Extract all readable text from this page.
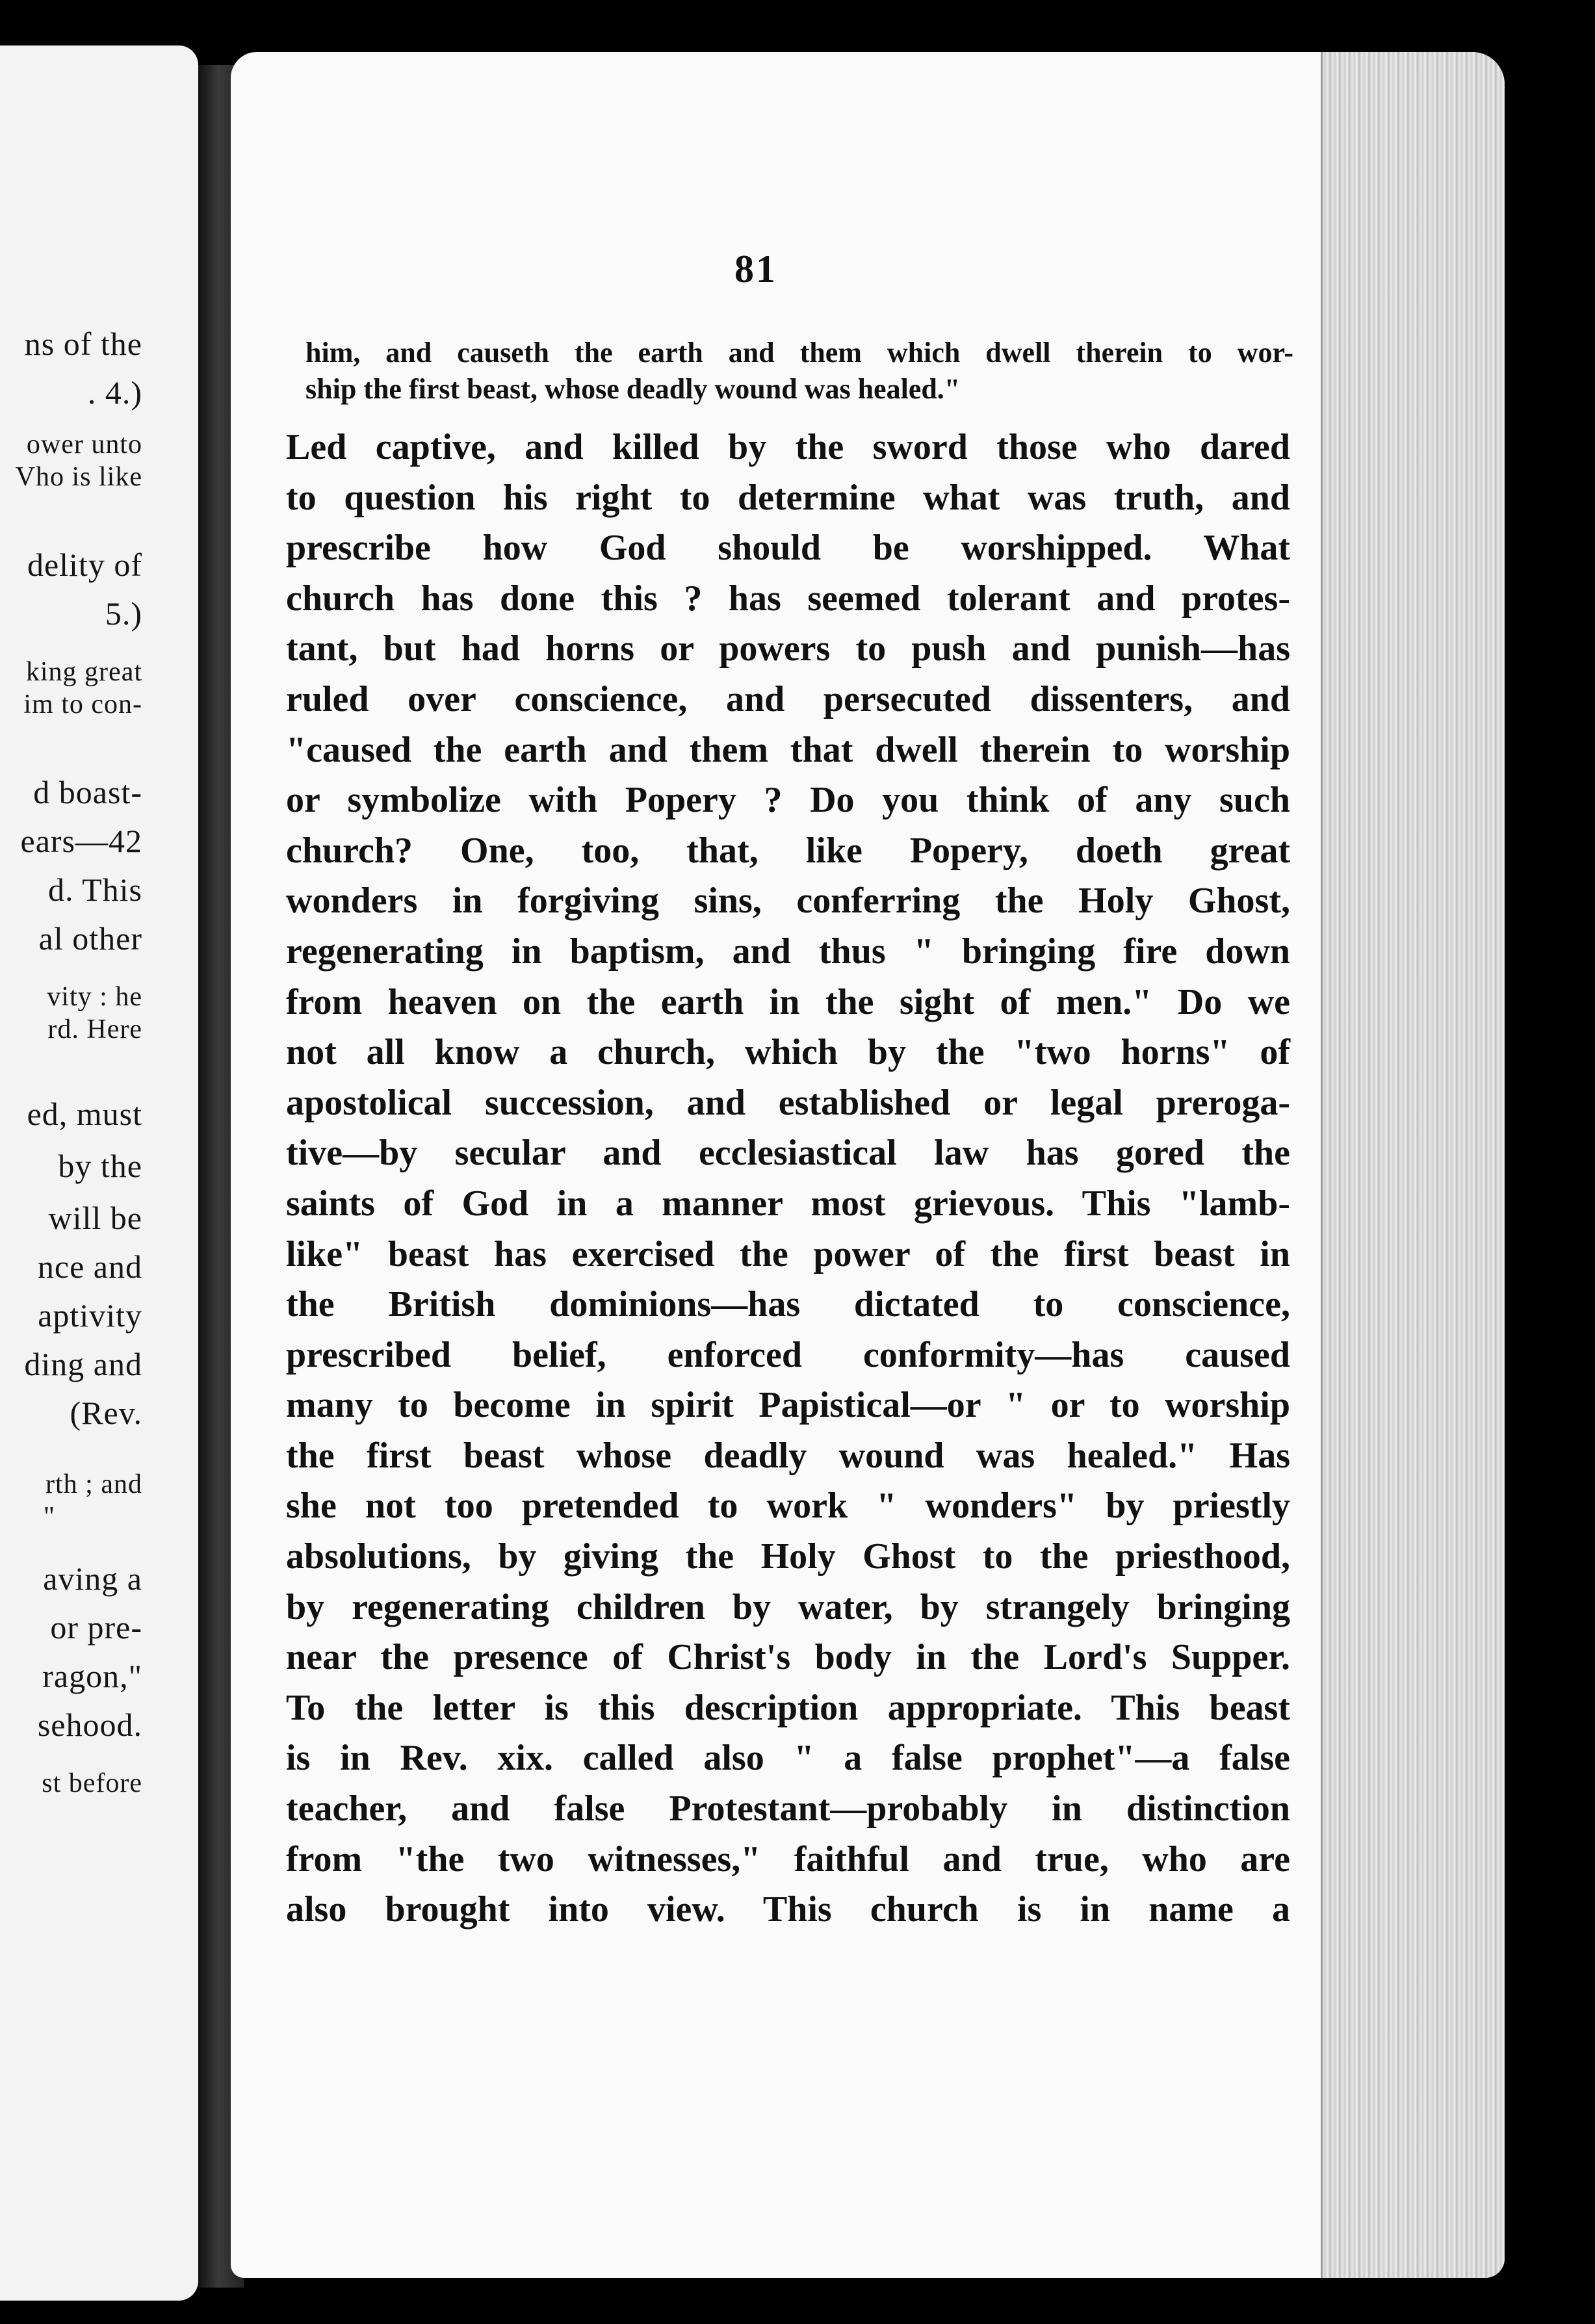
ns of the
. 4.)
ower unto
Vho is like
delity of
5.)
king great
im to con-
d boast-
ears—42
d. This
al other
vity : he
rd. Here
ed, must
by the
will be
nce and
aptivity
ding and
(Rev.
rth ; and
"
aving a
or pre-
ragon,"
sehood.
st before
81
him, and causeth the earth and them which dwell therein to wor-
ship the first beast, whose deadly wound was healed."
Led captive, and killed by the sword those who dared
to question his right to determine what was truth, and
prescribe how God should be worshipped. What
church has done this ? has seemed tolerant and protes-
tant, but had horns or powers to push and punish—has
ruled over conscience, and persecuted dissenters, and
"caused the earth and them that dwell therein to worship
or symbolize with Popery ? Do you think of any such
church? One, too, that, like Popery, doeth great
wonders in forgiving sins, conferring the Holy Ghost,
regenerating in baptism, and thus " bringing fire down
from heaven on the earth in the sight of men." Do we
not all know a church, which by the "two horns" of
apostolical succession, and established or legal preroga-
tive—by secular and ecclesiastical law has gored the
saints of God in a manner most grievous. This "lamb-
like" beast has exercised the power of the first beast in
the British dominions—has dictated to conscience,
prescribed belief, enforced conformity—has caused
many to become in spirit Papistical—or " or to worship
the first beast whose deadly wound was healed." Has
she not too pretended to work " wonders" by priestly
absolutions, by giving the Holy Ghost to the priesthood,
by regenerating children by water, by strangely bringing
near the presence of Christ's body in the Lord's Supper.
To the letter is this description appropriate. This beast
is in Rev. xix. called also " a false prophet"—a false
teacher, and false Protestant—probably in distinction
from "the two witnesses," faithful and true, who are
also brought into view. This church is in name a
